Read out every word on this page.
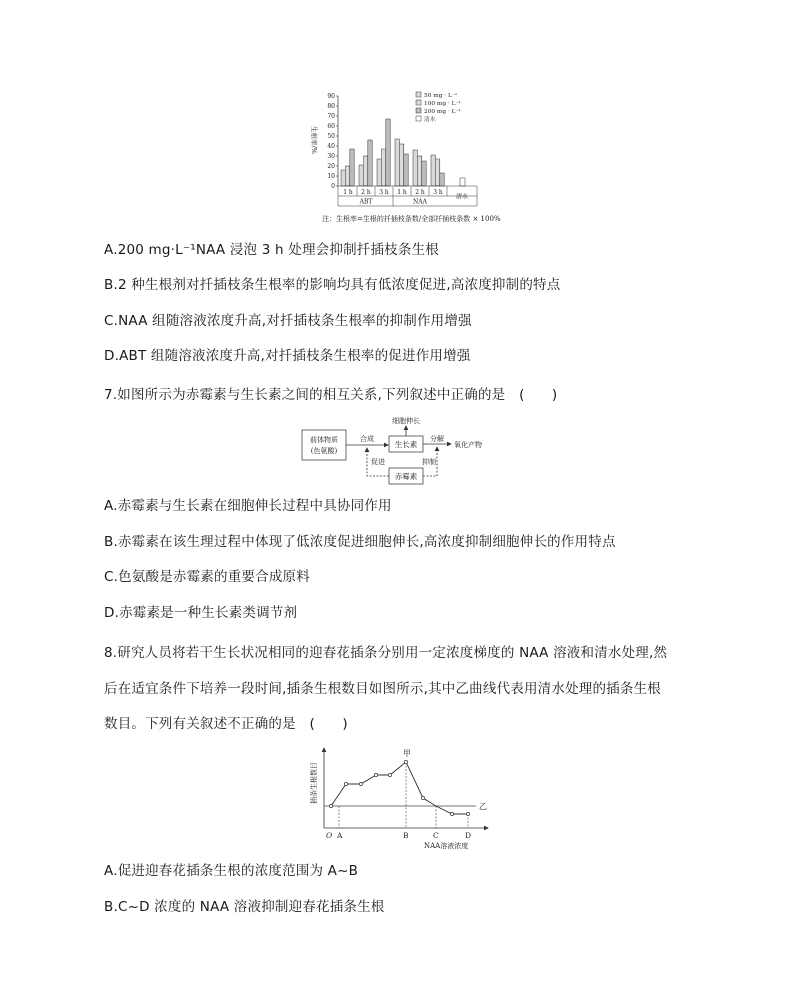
0
10
20
30
40
50
60
70
80
90
生根率/%
1 h 2 h 3 h 1 h 2 h 3 h
ABT	NAA
清水
50 mg · L⁻¹
100 mg · L⁻¹
200 mg · L⁻¹
清水
注：生根率=生根的扦插枝条数/全部扦插枝条数 × 100%
A.200 mg·L⁻¹NAA 浸泡 3 h 处理会抑制扦插枝条生根
B.2 种生根剂对扦插枝条生根率的影响均具有低浓度促进,高浓度抑制的特点
C.NAA 组随溶液浓度升高,对扦插枝条生根率的抑制作用增强
D.ABT 组随溶液浓度升高,对扦插枝条生根率的促进作用增强
7.如图所示为赤霉素与生长素之间的相互关系,下列叙述中正确的是　(　　)
前体物质
(色氨酸)
合成
生长素
细胞伸长
分解
氧化产物
赤霉素
促进	抑制
A.赤霉素与生长素在细胞伸长过程中具协同作用
B.赤霉素在该生理过程中体现了低浓度促进细胞伸长,高浓度抑制细胞伸长的作用特点
C.色氨酸是赤霉素的重要合成原料
D.赤霉素是一种生长素类调节剂
8.研究人员将若干生长状况相同的迎春花插条分别用一定浓度梯度的 NAA 溶液和清水处理,然
后在适宜条件下培养一段时间,插条生根数目如图所示,其中乙曲线代表用清水处理的插条生根
数目。下列有关叙述不正确的是　(　　)
插条生根数目
NAA溶液浓度
乙
甲
O A	B	C	D
A.促进迎春花插条生根的浓度范围为 A~B
B.C~D 浓度的 NAA 溶液抑制迎春花插条生根
